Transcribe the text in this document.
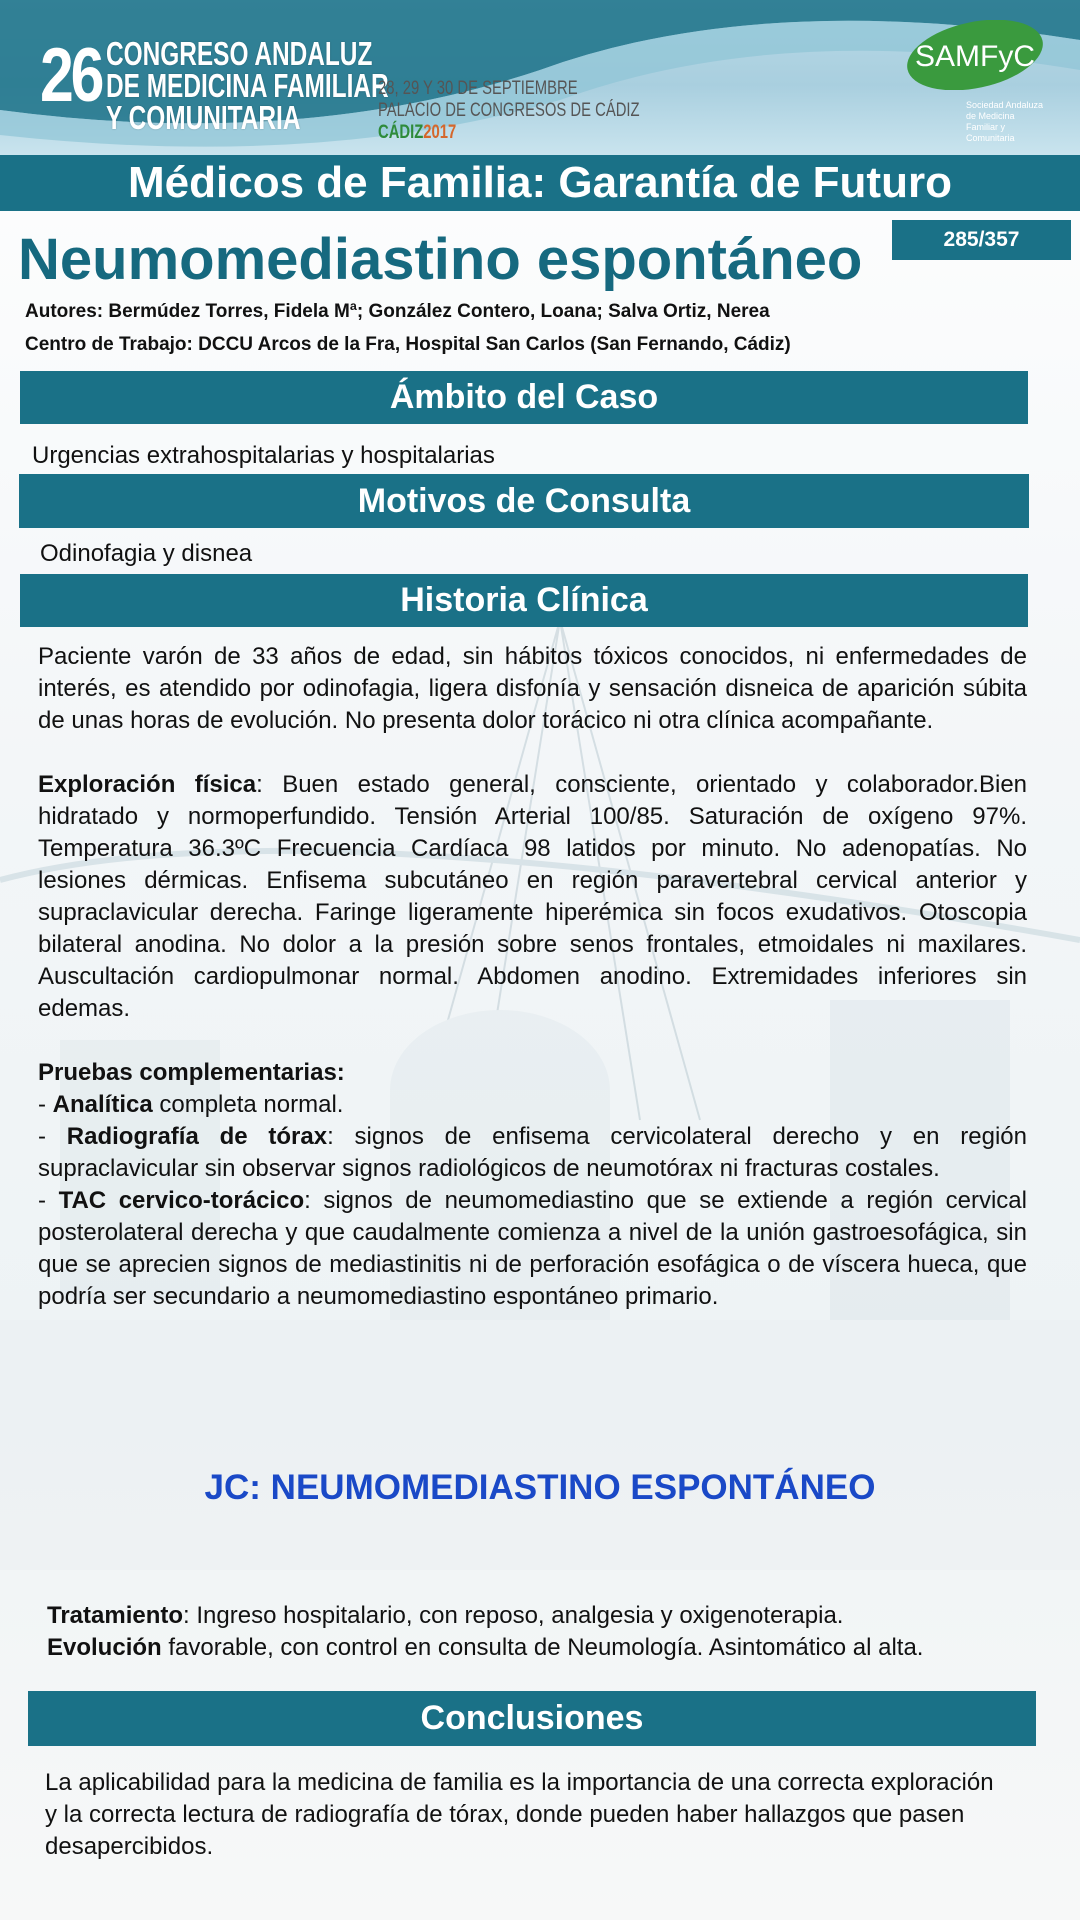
26 CONGRESO ANDALUZ
DE MEDICINA FAMILIAR
Y COMUNITARIA
28, 29 Y 30 DE SEPTIEMBRE
PALACIO DE CONGRESOS DE CÁDIZ
CÁDIZ2017
SAMFyC
Sociedad Andaluza de Medicina Familiar y Comunitaria
Médicos de Familia: Garantía de Futuro
285/357
Neumomediastino espontáneo
Autores: Bermúdez Torres, Fidela Mª; González Contero, Loana; Salva Ortiz, Nerea
Centro de Trabajo: DCCU Arcos de la Fra, Hospital San Carlos (San Fernando, Cádiz)
Ámbito del Caso
Urgencias extrahospitalarias y hospitalarias
Motivos de Consulta
Odinofagia y disnea
Historia Clínica

Paciente varón de 33 años de edad, sin hábitos tóxicos conocidos, ni enfermedades de interés, es atendido por odinofagia, ligera disfonía y sensación disneica de aparición súbita de unas horas de evolución. No presenta dolor torácico ni otra clínica acompañante.

Exploración física: Buen estado general, consciente, orientado y colaborador.Bien hidratado y normoperfundido. Tensión Arterial 100/85. Saturación de oxígeno 97%. Temperatura 36.3ºC Frecuencia Cardíaca 98 latidos por minuto. No adenopatías. No lesiones dérmicas. Enfisema subcutáneo en región paravertebral cervical anterior y supraclavicular derecha. Faringe ligeramente hiperémica sin focos exudativos. Otoscopia bilateral anodina. No dolor a la presión sobre senos frontales, etmoidales ni maxilares. Auscultación cardiopulmonar normal. Abdomen anodino. Extremidades inferiores sin edemas.

Pruebas complementarias:

- Analítica completa normal.

- Radiografía de tórax: signos de enfisema cervicolateral derecho y en región supraclavicular sin observar signos radiológicos de neumotórax ni fracturas costales.

- TAC cervico-torácico: signos de neumomediastino que se extiende a región cervical posterolateral derecha y que caudalmente comienza a nivel de la unión gastroesofágica, sin que se aprecien signos de mediastinitis ni de perforación esofágica o de víscera hueca, que podría ser secundario a neumomediastino espontáneo primario.

JC: NEUMOMEDIASTINO ESPONTÁNEO

Tratamiento: Ingreso hospitalario, con reposo, analgesia y oxigenoterapia.

Evolución favorable, con control en consulta de Neumología. Asintomático al alta.

Conclusiones
La aplicabilidad para la medicina de familia es la importancia de una correcta exploración y la correcta lectura de radiografía de tórax, donde pueden haber hallazgos que pasen desapercibidos.
